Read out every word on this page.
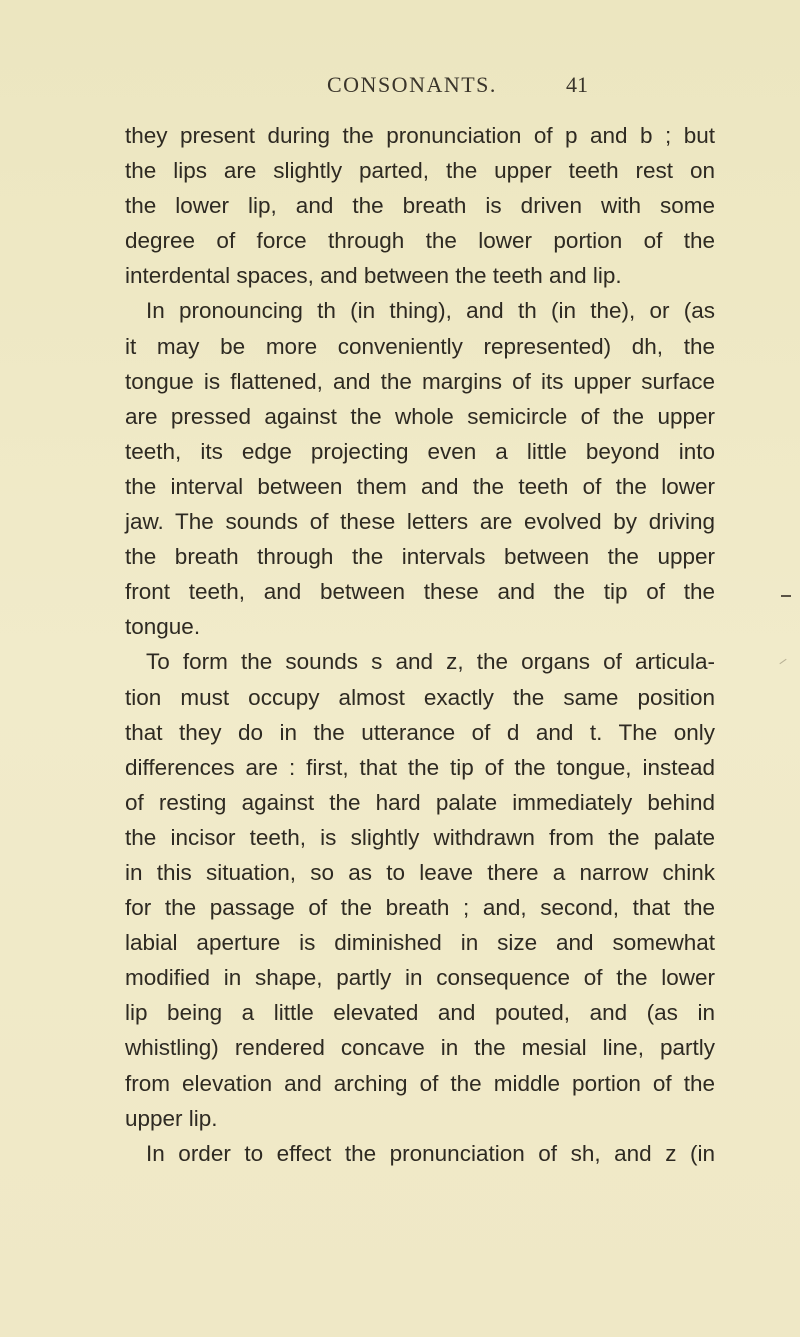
CONSONANTS.	41
they present during the pronunciation of p and b ; but
the lips are slightly parted, the upper teeth rest on
the lower lip, and the breath is driven with some
degree of force through the lower portion of the
interdental spaces, and between the teeth and lip.
In pronouncing th (in thing), and th (in the), or (as
it may be more conveniently represented) dh, the
tongue is flattened, and the margins of its upper surface
are pressed against the whole semicircle of the upper
teeth, its edge projecting even a little beyond into
the interval between them and the teeth of the lower
jaw. The sounds of these letters are evolved by driving
the breath through the intervals between the upper
front teeth, and between these and the tip of the
tongue.
To form the sounds s and z, the organs of articula-
tion must occupy almost exactly the same position
that they do in the utterance of d and t. The only
differences are : first, that the tip of the tongue, instead
of resting against the hard palate immediately behind
the incisor teeth, is slightly withdrawn from the palate
in this situation, so as to leave there a narrow chink
for the passage of the breath ; and, second, that the
labial aperture is diminished in size and somewhat
modified in shape, partly in consequence of the lower
lip being a little elevated and pouted, and (as in
whistling) rendered concave in the mesial line, partly
from elevation and arching of the middle portion of the
upper lip.
In order to effect the pronunciation of sh, and z (in
